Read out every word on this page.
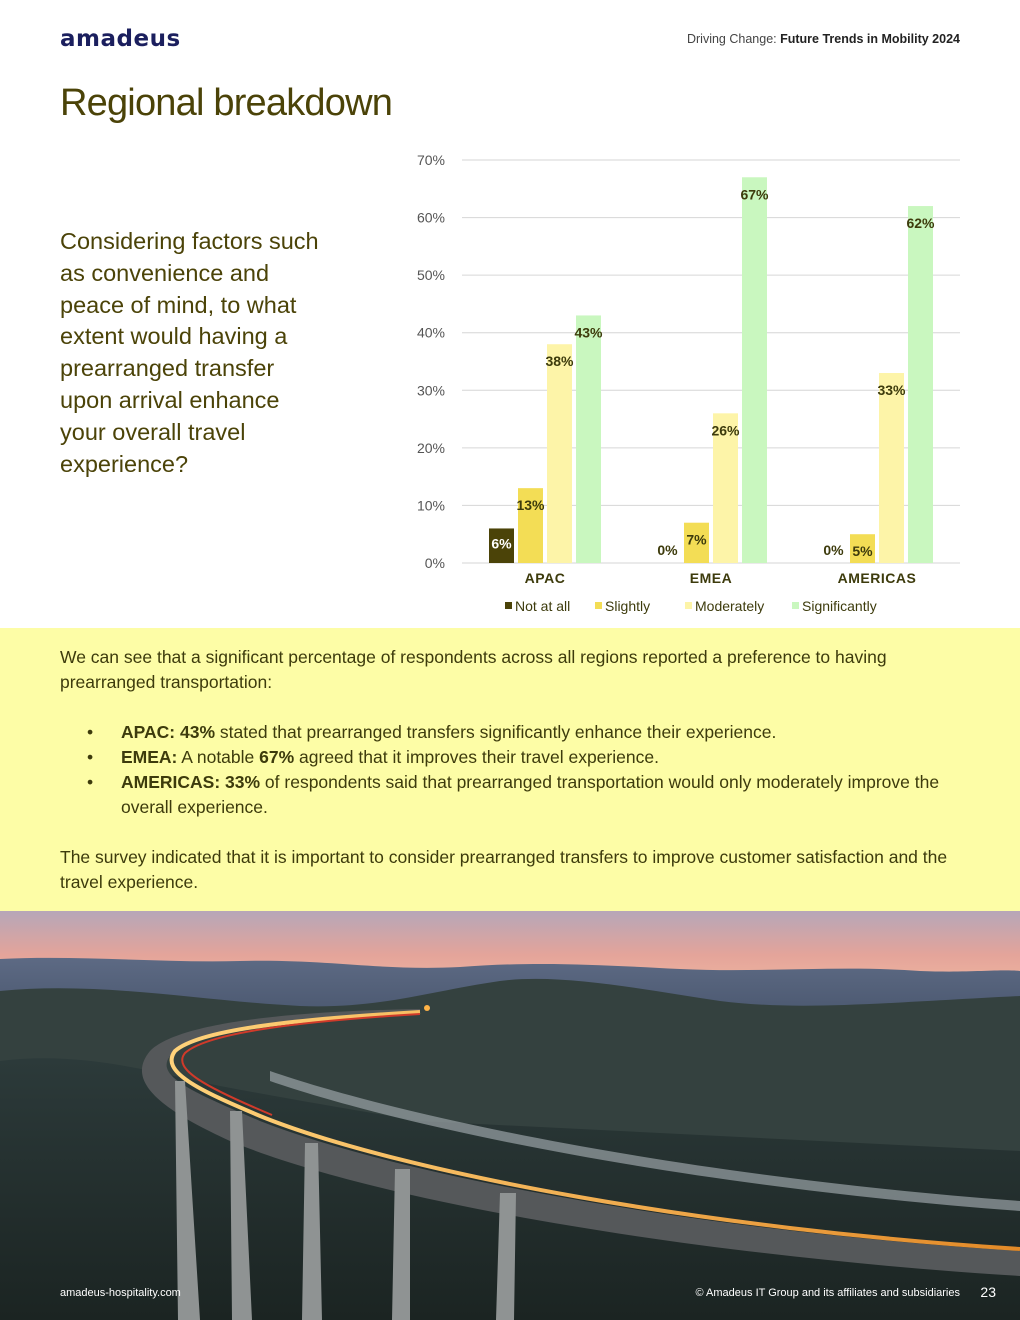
amadeus	Driving Change: Future Trends in Mobility 2024
Regional breakdown
Considering factors such as convenience and peace of mind, to what extent would having a prearranged transfer upon arrival enhance your overall travel experience?
0%
10%
20%
30%
40%
50%
60%
70%
APAC
6%
13%
38%
43%
EMEA
0%
7%
26%
67%
AMERICAS
0% 5%
33%
62%
Not at all Slightly	Moderately	Significantly

We can see that a significant percentage of respondents across all regions reported a preference to having prearranged transportation:

• APAC: 43% stated that prearranged transfers significantly enhance their experience.
• EMEA: A notable 67% agreed that it improves their travel experience.
• AMERICAS: 33% of respondents said that prearranged transportation would only moderately improve the overall experience.

The survey indicated that it is important to consider prearranged transfers to improve customer satisfaction and the travel experience.

amadeus-hospitality.com	© Amadeus IT Group and its affiliates and subsidiaries 23
